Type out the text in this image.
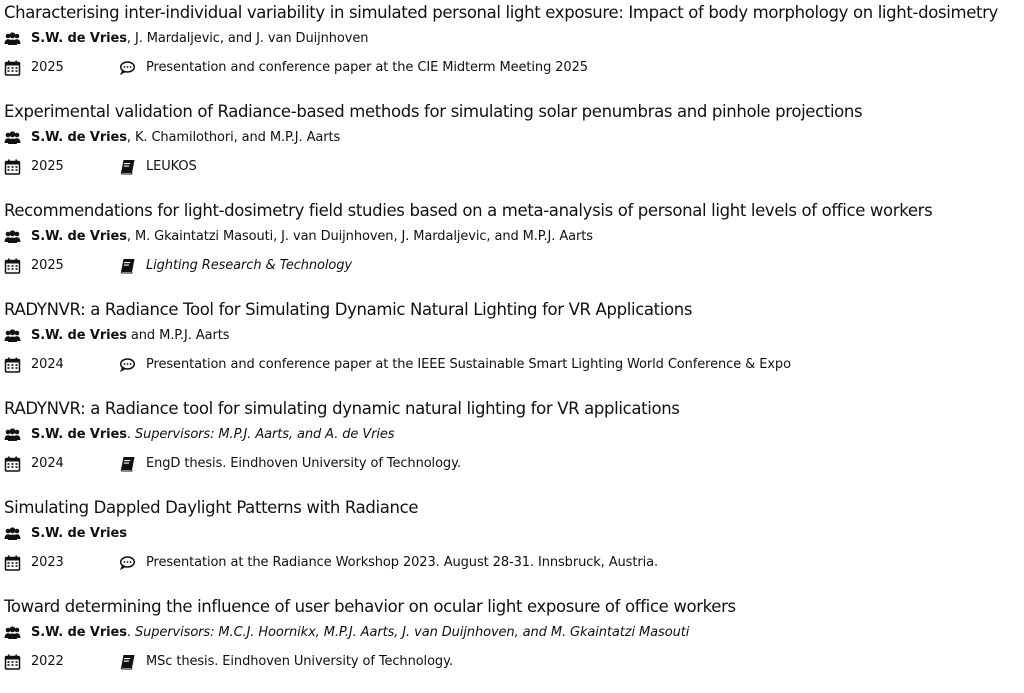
Characterising inter-individual variability in simulated personal light exposure: Impact of body morphology on light-dosimetry
S.W. de Vries , J. Mardaljevic, and J. van Duijnhoven
2025	Presentation and conference paper at the CIE Midterm Meeting 2025
Experimental validation of Radiance-based methods for simulating solar penumbras and pinhole projections
S.W. de Vries , K. Chamilothori, and M.P.J. Aarts
2025	LEUKOS
Recommendations for light-dosimetry field studies based on a meta-analysis of personal light levels of office workers
S.W. de Vries , M. Gkaintatzi Masouti, J. van Duijnhoven, J. Mardaljevic, and M.P.J. Aarts
2025	Lighting Research & Technology
RADYNVR: a Radiance Tool for Simulating Dynamic Natural Lighting for VR Applications
S.W. de Vries and M.P.J. Aarts
2024	Presentation and conference paper at the IEEE Sustainable Smart Lighting World Conference & Expo
RADYNVR: a Radiance tool for simulating dynamic natural lighting for VR applications
S.W. de Vries . Supervisors: M.P.J. Aarts, and A. de Vries
2024	EngD thesis. Eindhoven University of Technology.
Simulating Dappled Daylight Patterns with Radiance
S.W. de Vries
2023	Presentation at the Radiance Workshop 2023. August 28-31. Innsbruck, Austria.
Toward determining the influence of user behavior on ocular light exposure of office workers
S.W. de Vries . Supervisors: M.C.J. Hoornikx, M.P.J. Aarts, J. van Duijnhoven, and M. Gkaintatzi Masouti
2022	MSc thesis. Eindhoven University of Technology.
